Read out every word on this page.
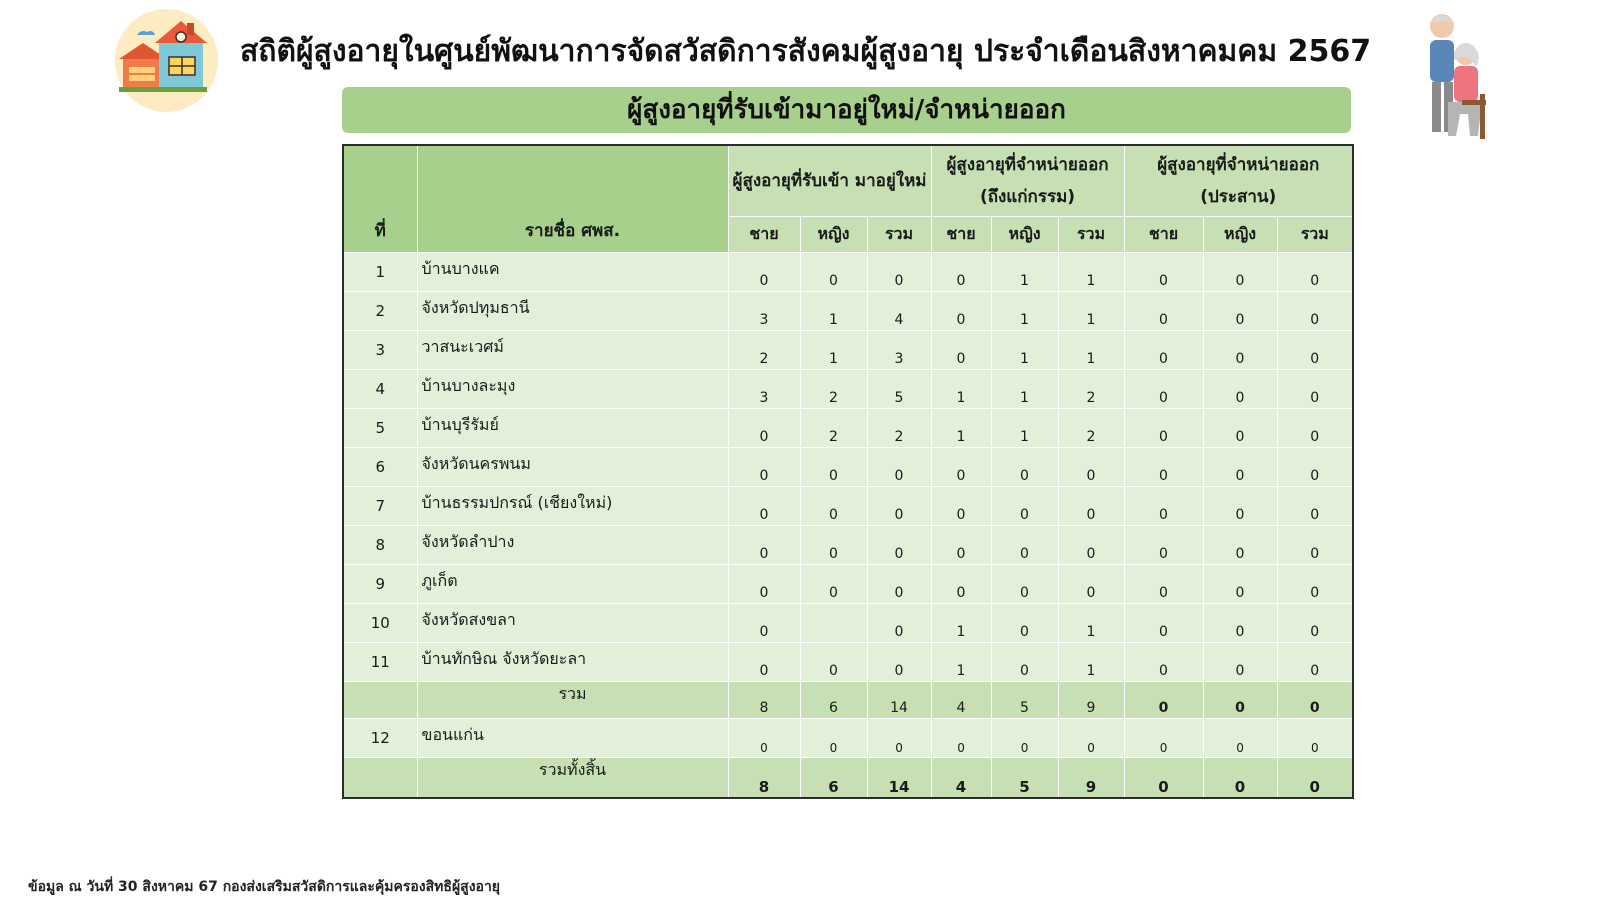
สถิติผู้สูงอายุในศูนย์พัฒนาการจัดสวัสดิการสังคมผู้สูงอายุ ประจำเดือนสิงหาคมคม 2567
ผู้สูงอายุที่รับเข้ามาอยู่ใหม่/จำหน่ายออก
ที่	รายชื่อ ศพส.	ผู้สูงอายุที่รับเข้า มาอยู่ใหม่			ผู้สูงอายุที่จำหน่ายออก (ถึงแก่กรรม)			ผู้สูงอายุที่จำหน่ายออก (ประสาน)		
		ชาย	หญิง	รวม	ชาย	หญิง	รวม	ชาย	หญิง	รวม
1	บ้านบางแค	0	0	0	0	1	1	0	0	0
2	จังหวัดปทุมธานี	3	1	4	0	1	1	0	0	0
3	วาสนะเวศม์	2	1	3	0	1	1	0	0	0
4	บ้านบางละมุง	3	2	5	1	1	2	0	0	0
5	บ้านบุรีรัมย์	0	2	2	1	1	2	0	0	0
6	จังหวัดนครพนม	0	0	0	0	0	0	0	0	0
7	บ้านธรรมปกรณ์ (เชียงใหม่)	0	0	0	0	0	0	0	0	0
8	จังหวัดลำปาง	0	0	0	0	0	0	0	0	0
9	ภูเก็ต	0	0	0	0	0	0	0	0	0
10	จังหวัดสงขลา	0		0	1	0	1	0	0	0
11	บ้านทักษิณ จังหวัดยะลา	0	0	0	1	0	1	0	0	0
	รวม	8	6	14	4	5	9	0	0	0
12	ขอนแก่น	0	0	0	0	0	0	0	0	0
	รวมทั้งสิ้น	8	6	14	4	5	9	0	0	0
ข้อมูล ณ วันที่ 30 สิงหาคม 67 กองส่งเสริมสวัสดิการและคุ้มครองสิทธิผู้สูงอายุ
